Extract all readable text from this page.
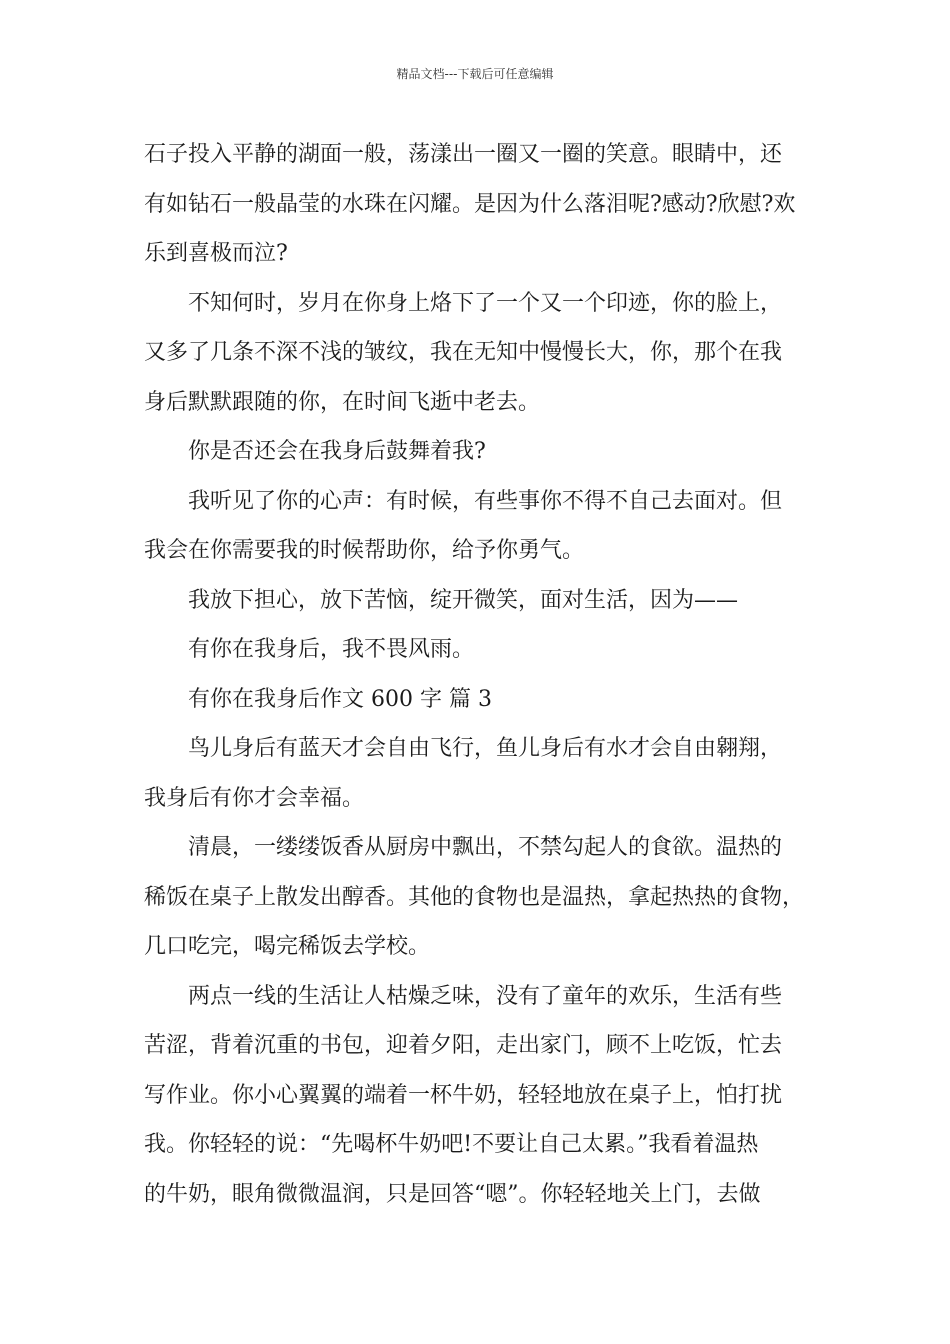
精品文档---下载后可任意编辑

石子投入平静的湖面一般，荡漾出一圈又一圈的笑意。眼睛中，还
有如钻石一般晶莹的水珠在闪耀。是因为什么落泪呢?感动?欣慰?欢
乐到喜极而泣?

不知何时，岁月在你身上烙下了一个又一个印迹，你的脸上，
又多了几条不深不浅的皱纹，我在无知中慢慢长大，你，那个在我
身后默默跟随的你，在时间飞逝中老去。

你是否还会在我身后鼓舞着我?

我听见了你的心声：有时候，有些事你不得不自己去面对。但
我会在你需要我的时候帮助你，给予你勇气。

我放下担心，放下苦恼，绽开微笑，面对生活，因为——

有你在我身后，我不畏风雨。

有你在我身后作文 600 字 篇 3

鸟儿身后有蓝天才会自由飞行，鱼儿身后有水才会自由翱翔，
我身后有你才会幸福。

清晨，一缕缕饭香从厨房中飘出，不禁勾起人的食欲。温热的
稀饭在桌子上散发出醇香。其他的食物也是温热，拿起热热的食物，
几口吃完，喝完稀饭去学校。

两点一线的生活让人枯燥乏味，没有了童年的欢乐，生活有些
苦涩，背着沉重的书包，迎着夕阳，走出家门，顾不上吃饭，忙去
写作业。你小心翼翼的端着一杯牛奶，轻轻地放在桌子上，怕打扰
我。你轻轻的说：“先喝杯牛奶吧!不要让自己太累。”我看着温热
的牛奶，眼角微微温润，只是回答“嗯”。你轻轻地关上门，去做
